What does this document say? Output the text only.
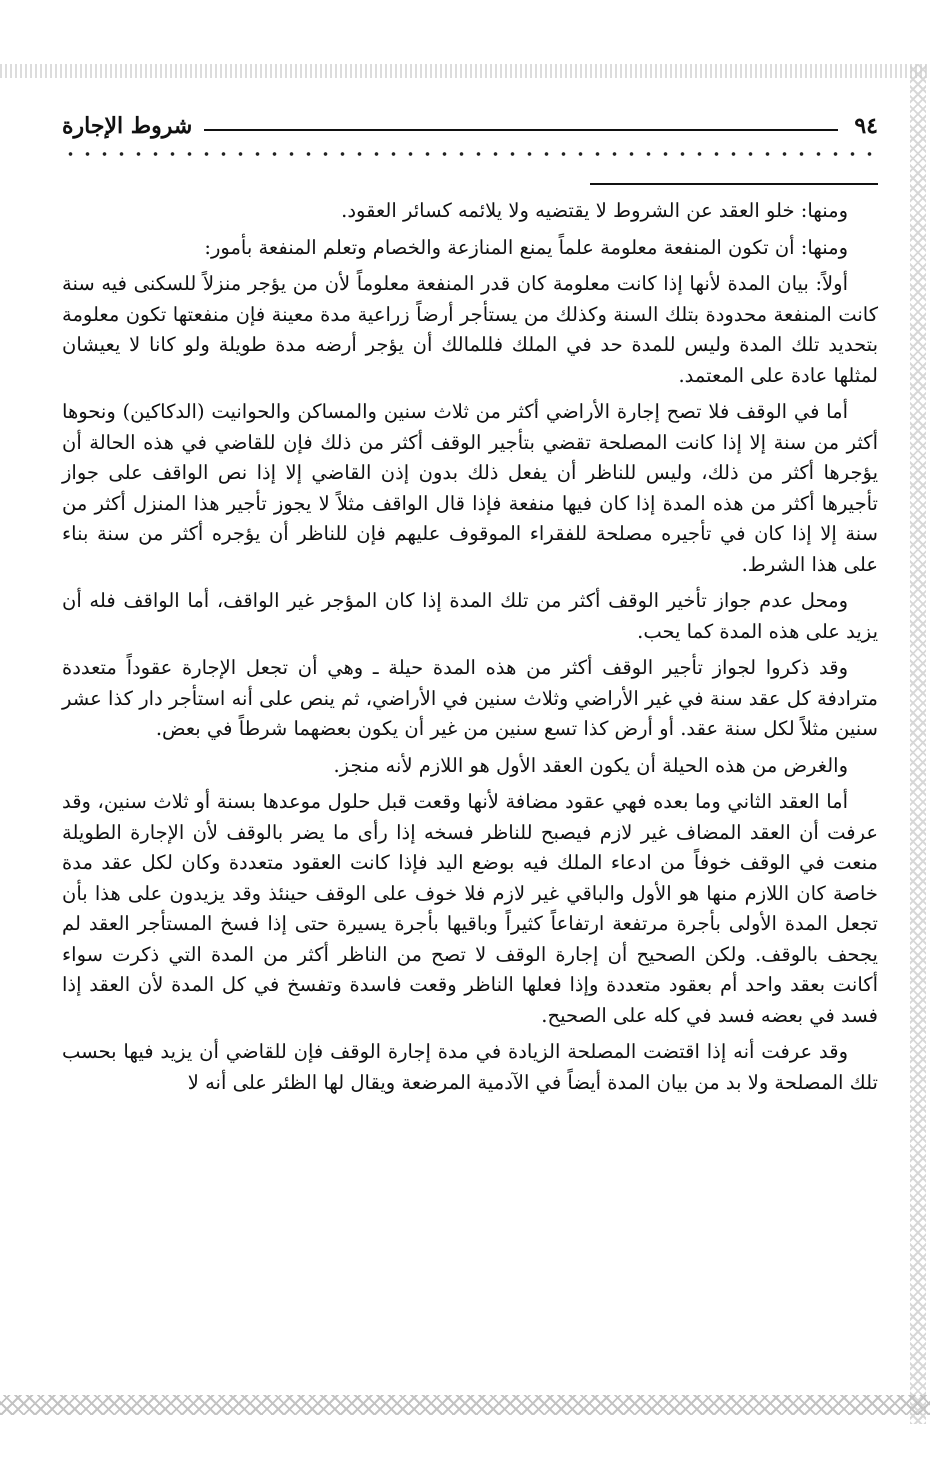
٩٤
شروط الإجارة

ومنها: خلو العقد عن الشروط لا يقتضيه ولا يلائمه كسائر العقود.

ومنها: أن تكون المنفعة معلومة علماً يمنع المنازعة والخصام وتعلم المنفعة بأمور:

أولاً: بيان المدة لأنها إذا كانت معلومة كان قدر المنفعة معلوماً لأن من يؤجر منزلاً للسكنى فيه سنة كانت المنفعة محدودة بتلك السنة وكذلك من يستأجر أرضاً زراعية مدة معينة فإن منفعتها تكون معلومة بتحديد تلك المدة وليس للمدة حد في الملك فللمالك أن يؤجر أرضه مدة طويلة ولو كانا لا يعيشان لمثلها عادة على المعتمد.

أما في الوقف فلا تصح إجارة الأراضي أكثر من ثلاث سنين والمساكن والحوانيت (الدكاكين) ونحوها أكثر من سنة إلا إذا كانت المصلحة تقضي بتأجير الوقف أكثر من ذلك فإن للقاضي في هذه الحالة أن يؤجرها أكثر من ذلك، وليس للناظر أن يفعل ذلك بدون إذن القاضي إلا إذا نص الواقف على جواز تأجيرها أكثر من هذه المدة إذا كان فيها منفعة فإذا قال الواقف مثلاً لا يجوز تأجير هذا المنزل أكثر من سنة إلا إذا كان في تأجيره مصلحة للفقراء الموقوف عليهم فإن للناظر أن يؤجره أكثر من سنة بناء على هذا الشرط.

ومحل عدم جواز تأخير الوقف أكثر من تلك المدة إذا كان المؤجر غير الواقف، أما الواقف فله أن يزيد على هذه المدة كما يحب.

وقد ذكروا لجواز تأجير الوقف أكثر من هذه المدة حيلة ـ وهي أن تجعل الإجارة عقوداً متعددة مترادفة كل عقد سنة في غير الأراضي وثلاث سنين في الأراضي، ثم ينص على أنه استأجر دار كذا عشر سنين مثلاً لكل سنة عقد. أو أرض كذا تسع سنين من غير أن يكون بعضهما شرطاً في بعض.

والغرض من هذه الحيلة أن يكون العقد الأول هو اللازم لأنه منجز.

أما العقد الثاني وما بعده فهي عقود مضافة لأنها وقعت قبل حلول موعدها بسنة أو ثلاث سنين، وقد عرفت أن العقد المضاف غير لازم فيصبح للناظر فسخه إذا رأى ما يضر بالوقف لأن الإجارة الطويلة منعت في الوقف خوفاً من ادعاء الملك فيه بوضع اليد فإذا كانت العقود متعددة وكان لكل عقد مدة خاصة كان اللازم منها هو الأول والباقي غير لازم فلا خوف على الوقف حينئذ وقد يزيدون على هذا بأن تجعل المدة الأولى بأجرة مرتفعة ارتفاعاً كثيراً وباقيها بأجرة يسيرة حتى إذا فسخ المستأجر العقد لم يجحف بالوقف. ولكن الصحيح أن إجارة الوقف لا تصح من الناظر أكثر من المدة التي ذكرت سواء أكانت بعقد واحد أم بعقود متعددة وإذا فعلها الناظر وقعت فاسدة وتفسخ في كل المدة لأن العقد إذا فسد في بعضه فسد في كله على الصحيح.

وقد عرفت أنه إذا اقتضت المصلحة الزيادة في مدة إجارة الوقف فإن للقاضي أن يزيد فيها بحسب تلك المصلحة ولا بد من بيان المدة أيضاً في الآدمية المرضعة ويقال لها الظئر على أنه لا
